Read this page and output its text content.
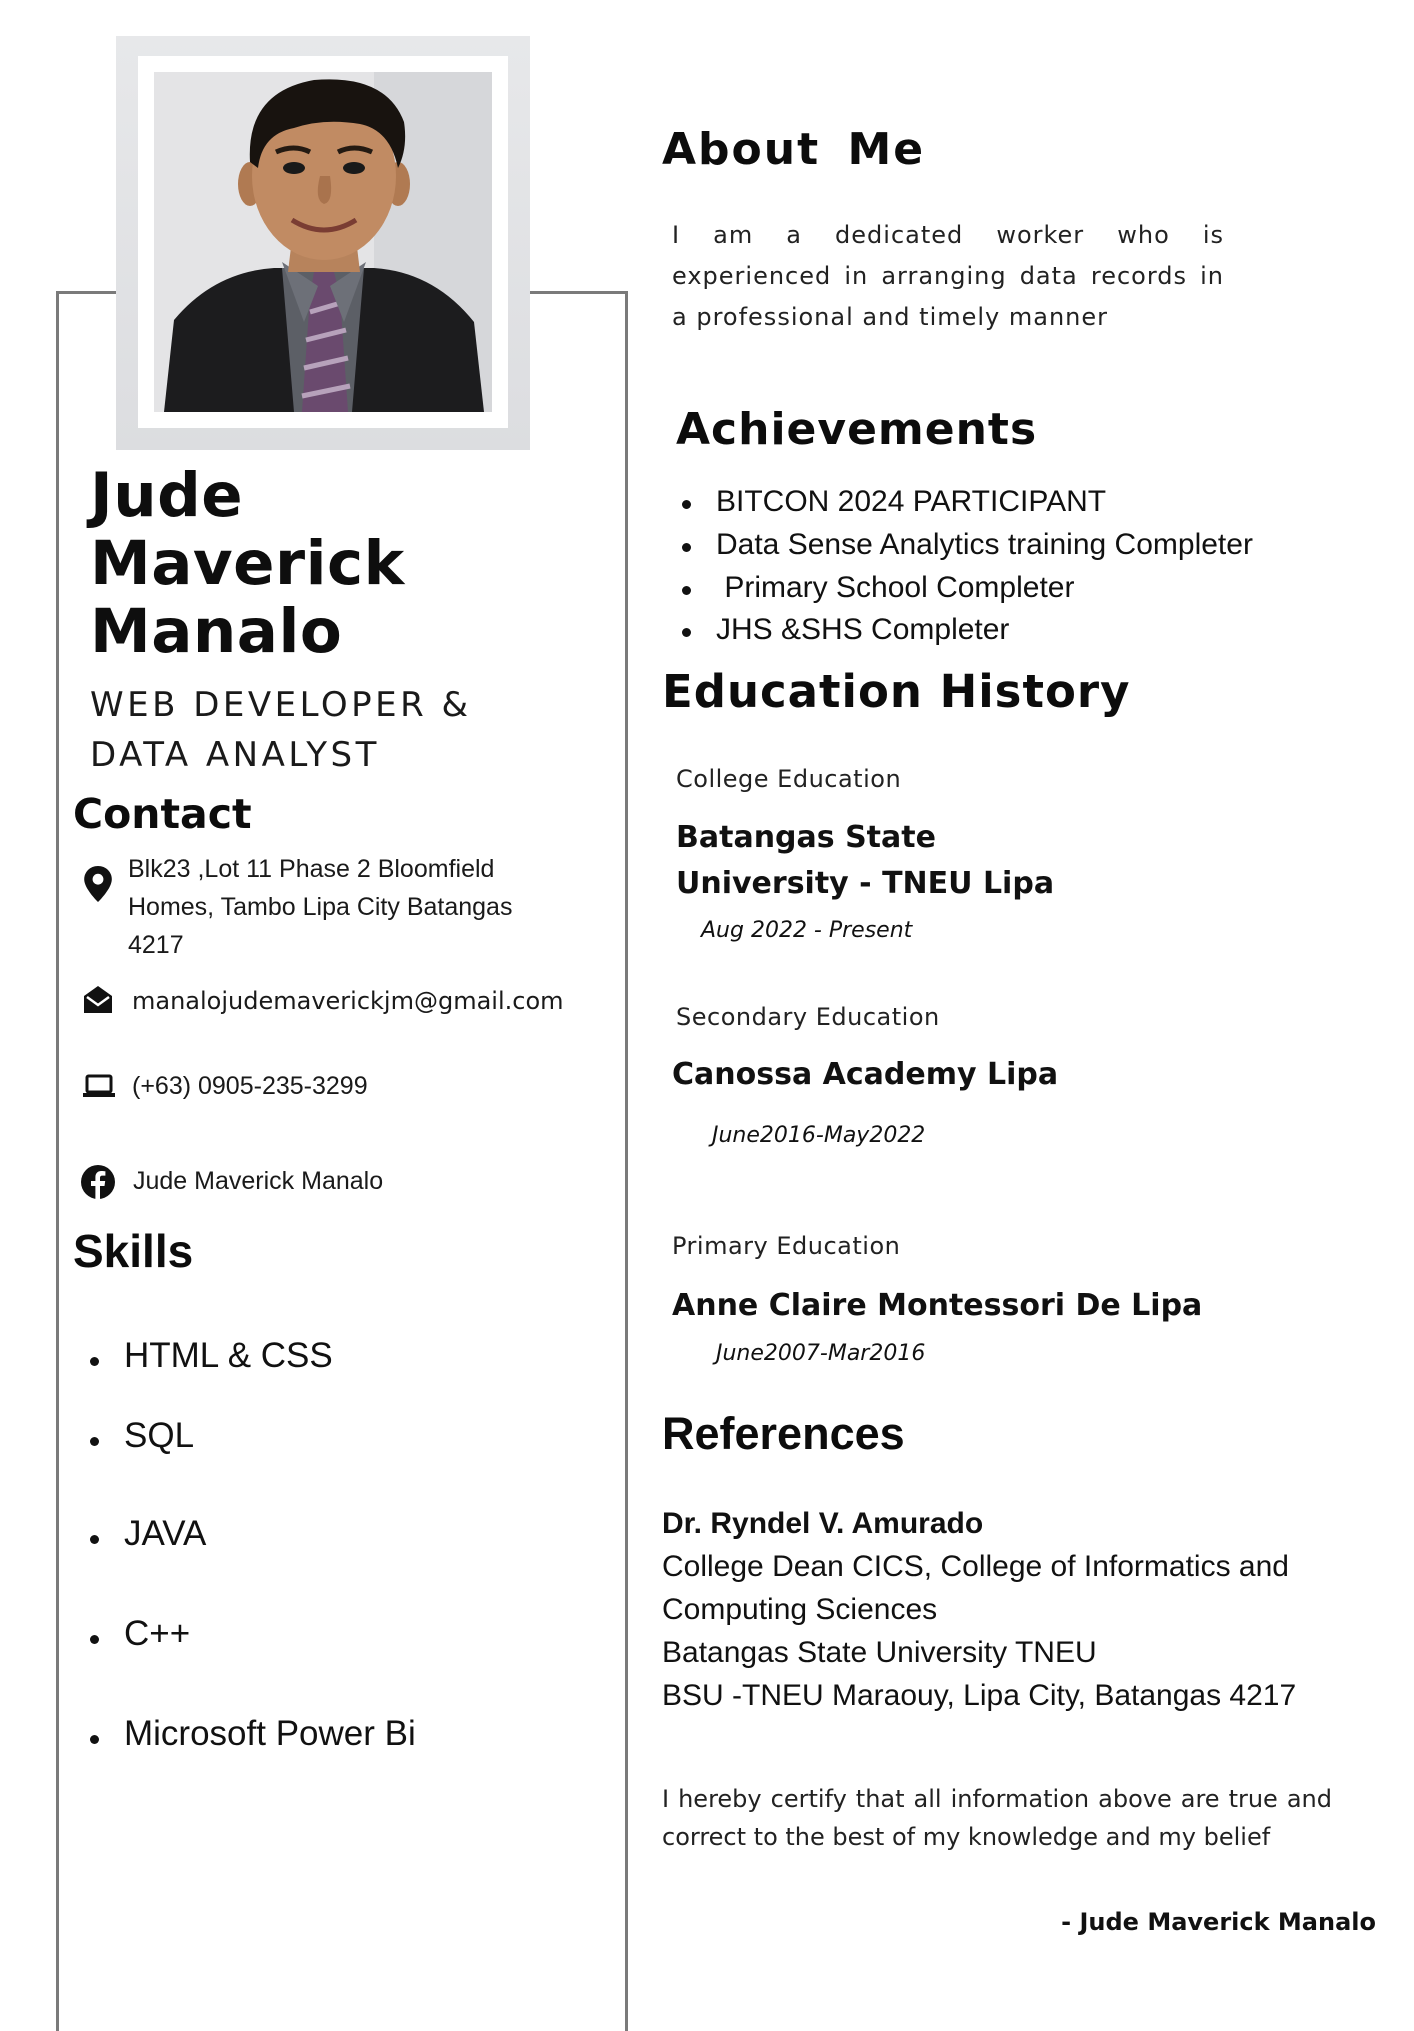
Jude
Maverick
Manalo
WEB DEVELOPER &
DATA ANALYST
Contact
Blk23 ,Lot 11 Phase 2 Bloomfield
Homes, Tambo Lipa City Batangas
4217
manalojudemaverickjm@gmail.com
(+63) 0905-235-3299
Jude Maverick Manalo
Skills
HTML & CSS
SQL
JAVA
C++
Microsoft Power Bi
About Me
I am a dedicated worker who is experienced in arranging data records in a professional and timely manner
Achievements
BITCON 2024 PARTICIPANT
Data Sense Analytics training Completer
Primary School Completer
JHS &SHS Completer
Education History
College Education
Batangas State
University - TNEU Lipa
Aug 2022 - Present
Secondary Education
Canossa Academy Lipa
June2016-May2022
Primary Education
Anne Claire Montessori De Lipa
June2007-Mar2016
References
Dr. Ryndel V. Amurado
College Dean CICS, College of Informatics and
Computing Sciences
Batangas State University TNEU
BSU -TNEU Maraouy, Lipa City, Batangas 4217
I hereby certify that all information above are true and correct to the best of my knowledge and my belief
- Jude Maverick Manalo
